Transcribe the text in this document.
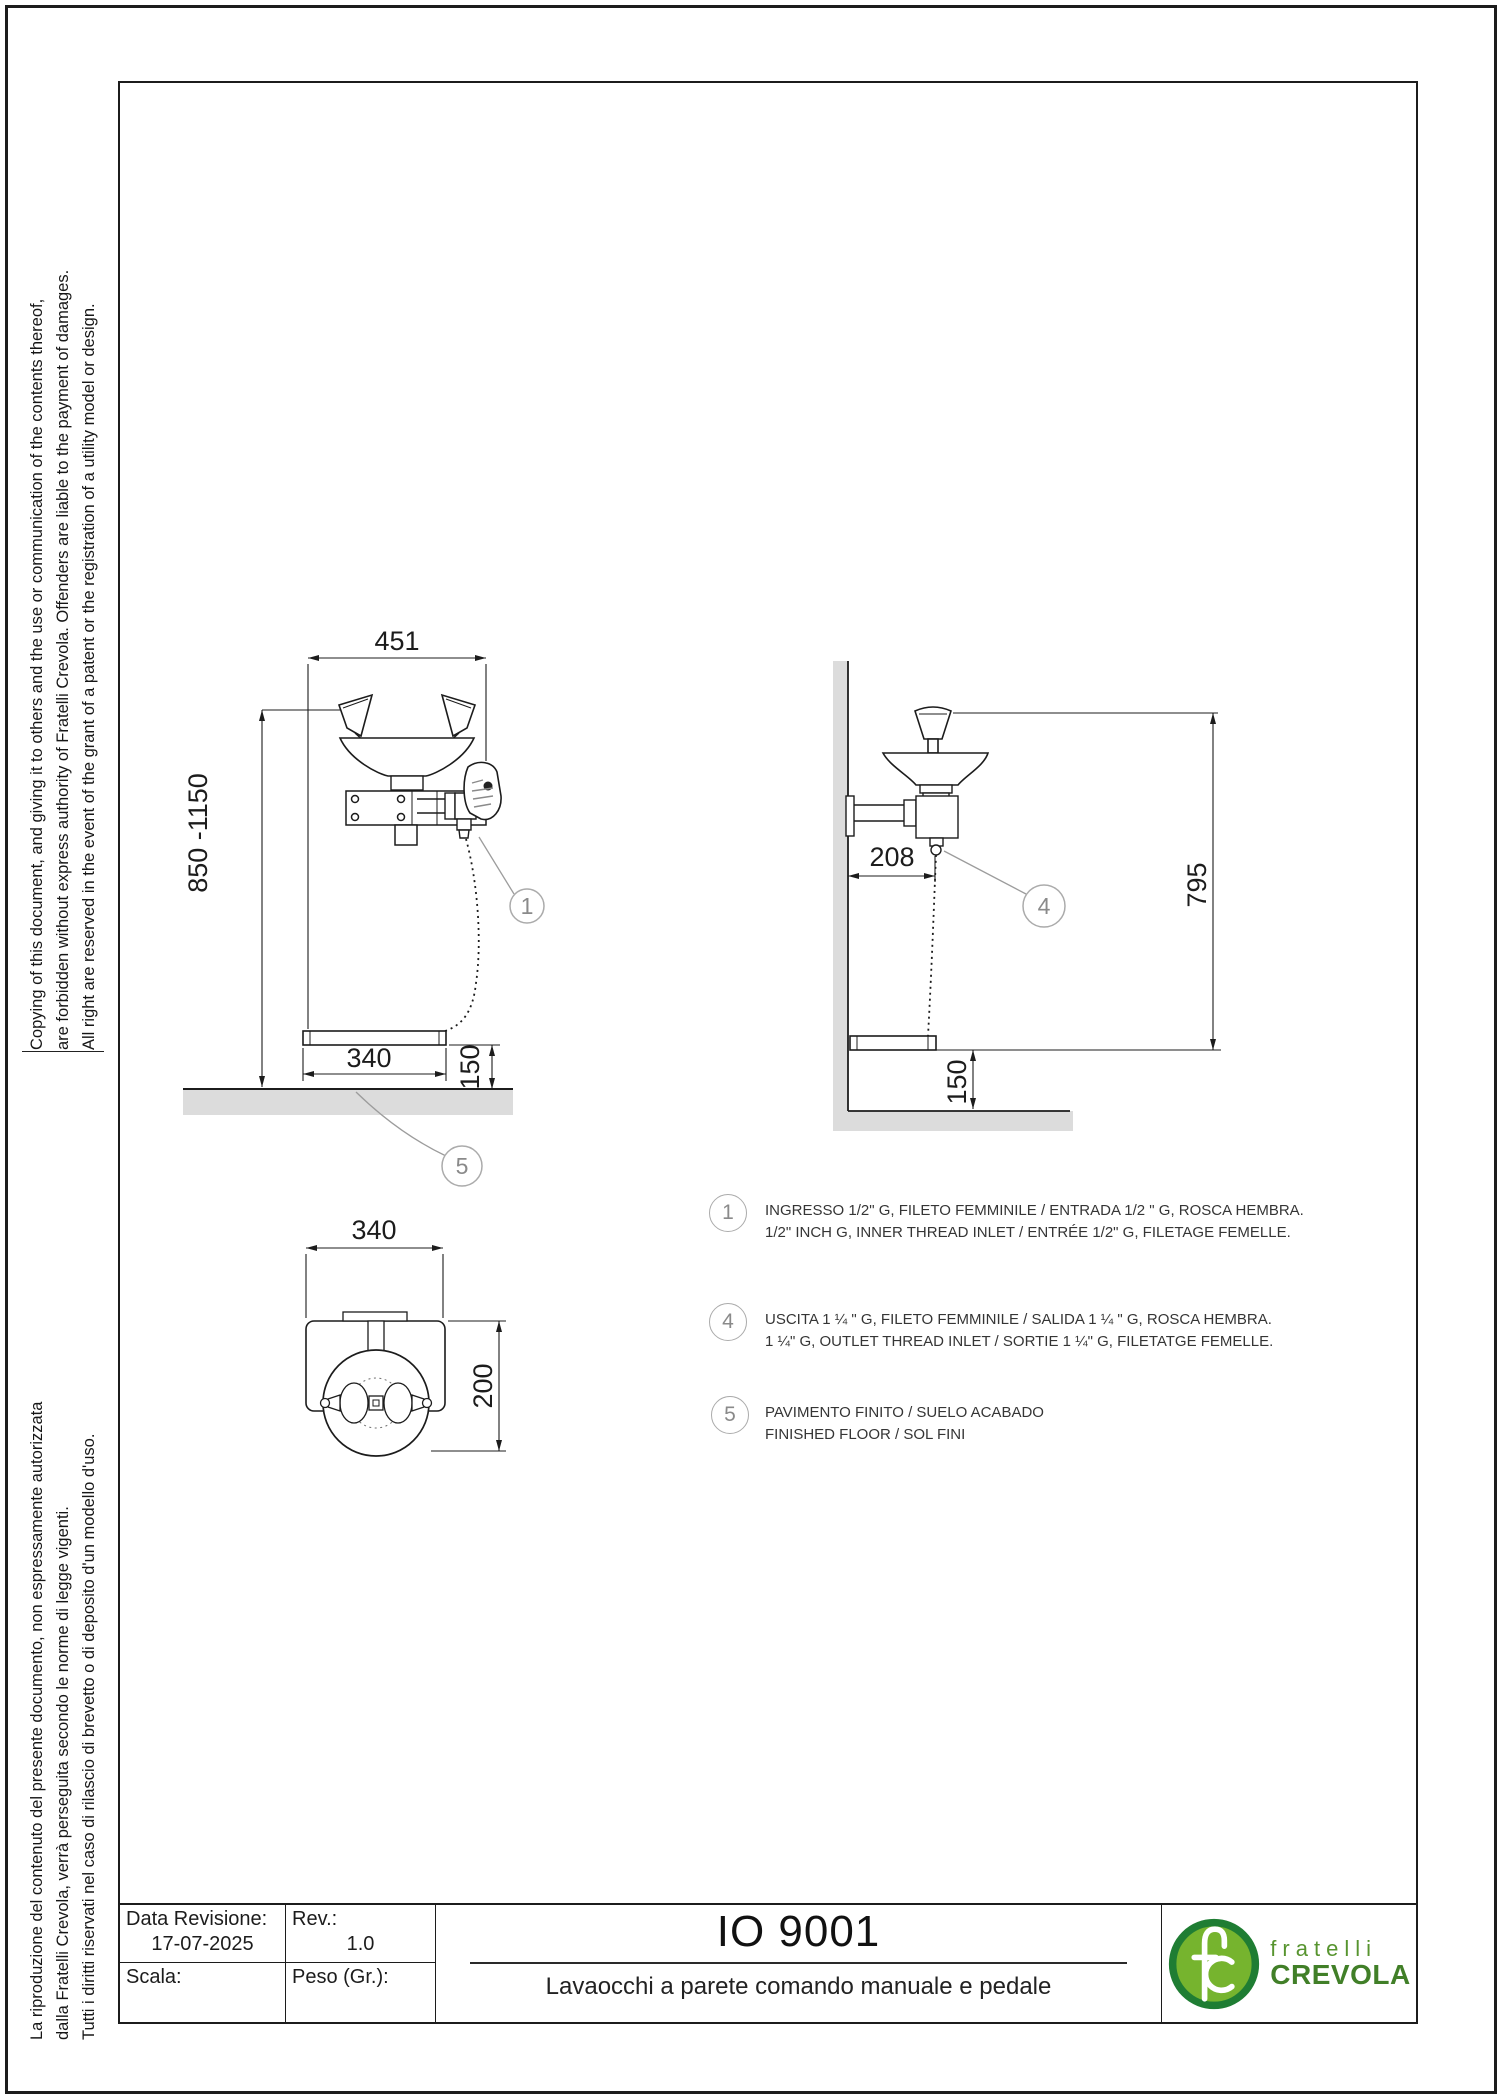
Copying of this document, and giving it to others and the use or communication of the contents thereof, are forbidden without express authority of Fratelli Crevola. Offenders are liable to the payment of damages. All right are reserved in the event of the grant of a patent or the registration of a utility model or design.
La riproduzione del contenuto del presente documento, non espressamente autorizzata dalla Fratelli Crevola, verrà perseguita secondo le norme di legge vigenti. Tutti i diritti riservati nel caso di rilascio di brevetto o di deposito d'un modello d'uso.
451
850 -1150
340 150
1
5
208
795
150
4
340
200
1	INGRESSO 1/2" G, FILETO FEMMINILE / ENTRADA 1/2 " G, ROSCA HEMBRA.
1/2" INCH G, INNER THREAD INLET / ENTRÉE 1/2" G, FILETAGE FEMELLE.
4	USCITA 1 ¼ " G, FILETO FEMMINILE / SALIDA 1 ¼ " G, ROSCA HEMBRA.
1 ¼" G, OUTLET THREAD INLET / SORTIE 1 ¼" G, FILETATGE FEMELLE.
5	PAVIMENTO FINITO / SUELO ACABADO
FINISHED FLOOR / SOL FINI
Data Revisione:
17-07-2025
Rev.:
1.0
Scala:	Peso (Gr.):
IO 9001
Lavaocchi a parete comando manuale e pedale
fratelli
CREVOLA
